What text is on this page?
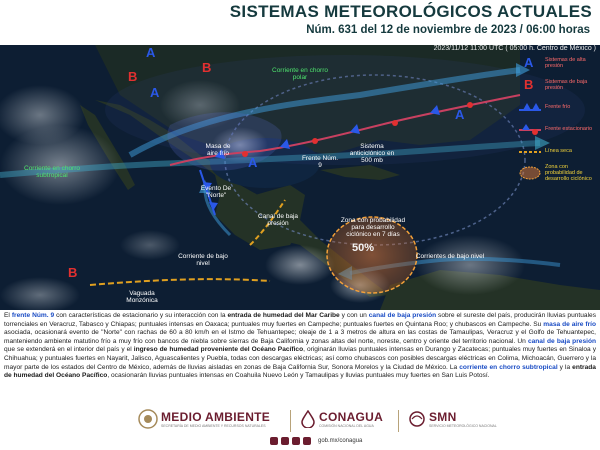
SISTEMAS METEOROLÓGICOS ACTUALES
Núm. 631 del 12 de noviembre de 2023 / 06:00 horas
2023/11/12 11:00 UTC ( 05:00 h. Centro de México )
A
B
B
A
A
A
B
Corriente en chorro polar
Masa de aire frío
Frente Núm. 9
Sistema anticiclónico en 500 mb
Corriente en chorro subtropical
Evento De "Norte"
Canal de baja presión	Zona con probabilidad para desarrollo ciclónico en 7 días
50%
Corriente de bajo nivel
Corrientes de bajo nivel
Vaguada Monzónica
A	Sistemas de alta presión
B	Sistemas de baja presión
Frente frío
Frente estacionario
Línea seca
Zona con probabilidad de desarrollo ciclónico
El frente Núm. 9 con características de estacionario y su interacción con la entrada de humedad del Mar Caribe y con un canal de baja presión sobre el sureste del país, producirán lluvias puntuales torrenciales en Veracruz, Tabasco y Chiapas; puntuales intensas en Oaxaca; puntuales muy fuertes en Campeche; puntuales fuertes en Quintana Roo; y chubascos en Campeche. Su masa de aire frío asociada, ocasionará evento de "Norte" con rachas de 60 a 80 km/h en el Istmo de Tehuantepec; oleaje de 1 a 3 metros de altura en las costas de Tamaulipas, Veracruz y el Golfo de Tehuantepec, manteniendo ambiente matutino frío a muy frío con bancos de niebla sobre sierras de Baja California y zonas altas del norte, noreste, centro y oriente del territorio nacional. Un canal de baja presión que se extenderá en el interior del país y el ingreso de humedad proveniente del Océano Pacífico, originarán lluvias puntuales intensas en Durango y Zacatecas; puntuales muy fuertes en Sinaloa y Chihuahua; y puntuales fuertes en Nayarit, Jalisco, Aguascalientes y Puebla, todas con descargas eléctricas; así como chubascos con posibles descargas eléctricas en Colima, Michoacán, Guerrero y la mayor parte de los estados del Centro de México, además de lluvias aisladas en zonas de Baja California Sur, Sonora Morelos y la Ciudad de México. La corriente en chorro subtropical y la entrada de humedad del Océano Pacífico, ocasionarán lluvias puntuales intensas en Coahuila Nuevo León y Tamaulipas y lluvias puntuales muy fuertes en San Luis Potosí.
MEDIO AMBIENTE
SECRETARÍA DE MEDIO AMBIENTE Y RECURSOS NATURALES
CONAGUA
COMISIÓN NACIONAL DEL AGUA
SMN
SERVICIO METEOROLÓGICO NACIONAL
gob.mx/conagua
